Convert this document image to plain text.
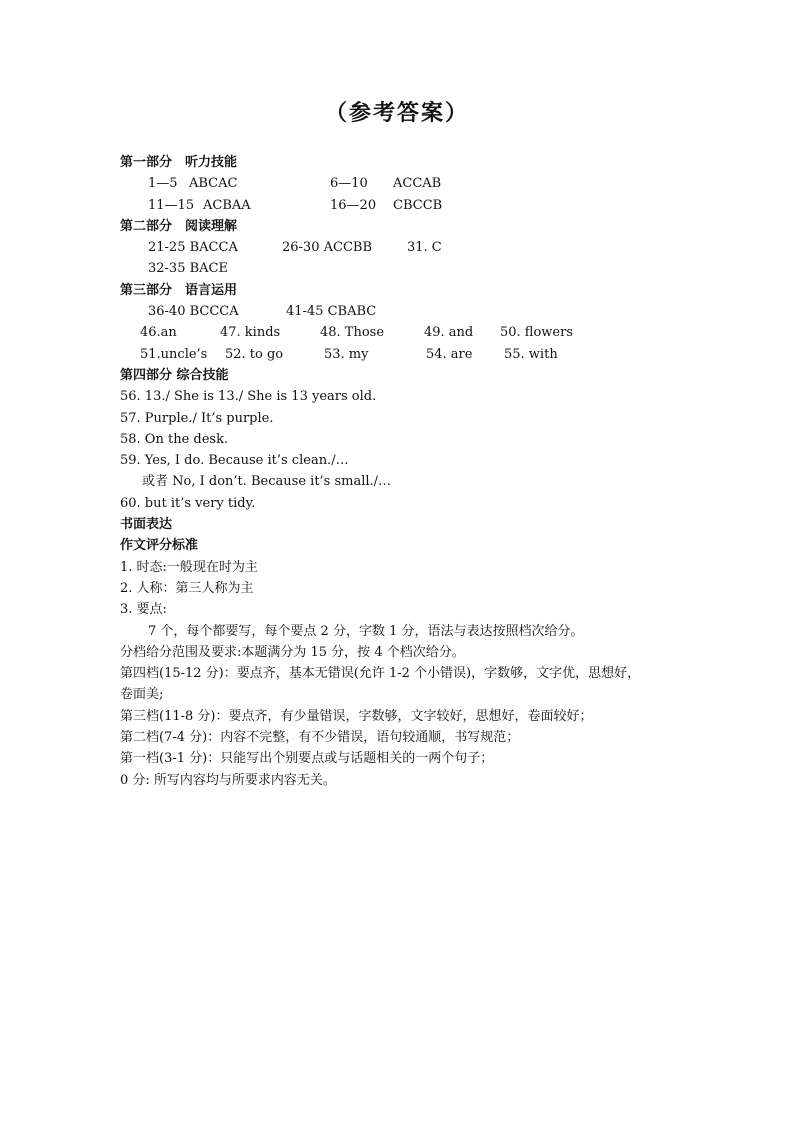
（参考答案）
第一部分　听力技能
1—5 ABCAC	6—10 ACCAB
11—15 ACBAA	16—20 CBCCB
第二部分　阅读理解
21-25 BACCA	26-30 ACCBB	31. C
32-35 BACE
第三部分　语言运用
36-40 BCCCA	41-45 CBABC
46.an	47. kinds	48. Those	49. and 50. flowers
51.uncle’s 52. to go	53. my	54. are 55. with
第四部分 综合技能
56. 13./ She is 13./ She is 13 years old.
57. Purple./ It’s purple.
58. On the desk.
59. Yes, I do. Because it’s clean./…
或者 No, I don’t. Because it’s small./…
60. but it’s very tidy.
书面表达
作文评分标准
1. 时态:一般现在时为主
2. 人称：第三人称为主
3. 要点:
7 个，每个都要写，每个要点 2 分，字数 1 分，语法与表达按照档次给分。
分档给分范围及要求:本题满分为 15 分，按 4 个档次给分。
第四档(15-12 分)：要点齐，基本无错误(允许 1-2 个小错误)，字数够，文字优，思想好，
卷面美;
第三档(11-8 分)：要点齐，有少量错误，字数够，文字较好，思想好，卷面较好；
第二档(7-4 分)：内容不完整，有不少错误，语句较通顺，书写规范；
第一档(3-1 分)：只能写出个别要点或与话题相关的一两个句子；
0 分: 所写内容均与所要求内容无关。
